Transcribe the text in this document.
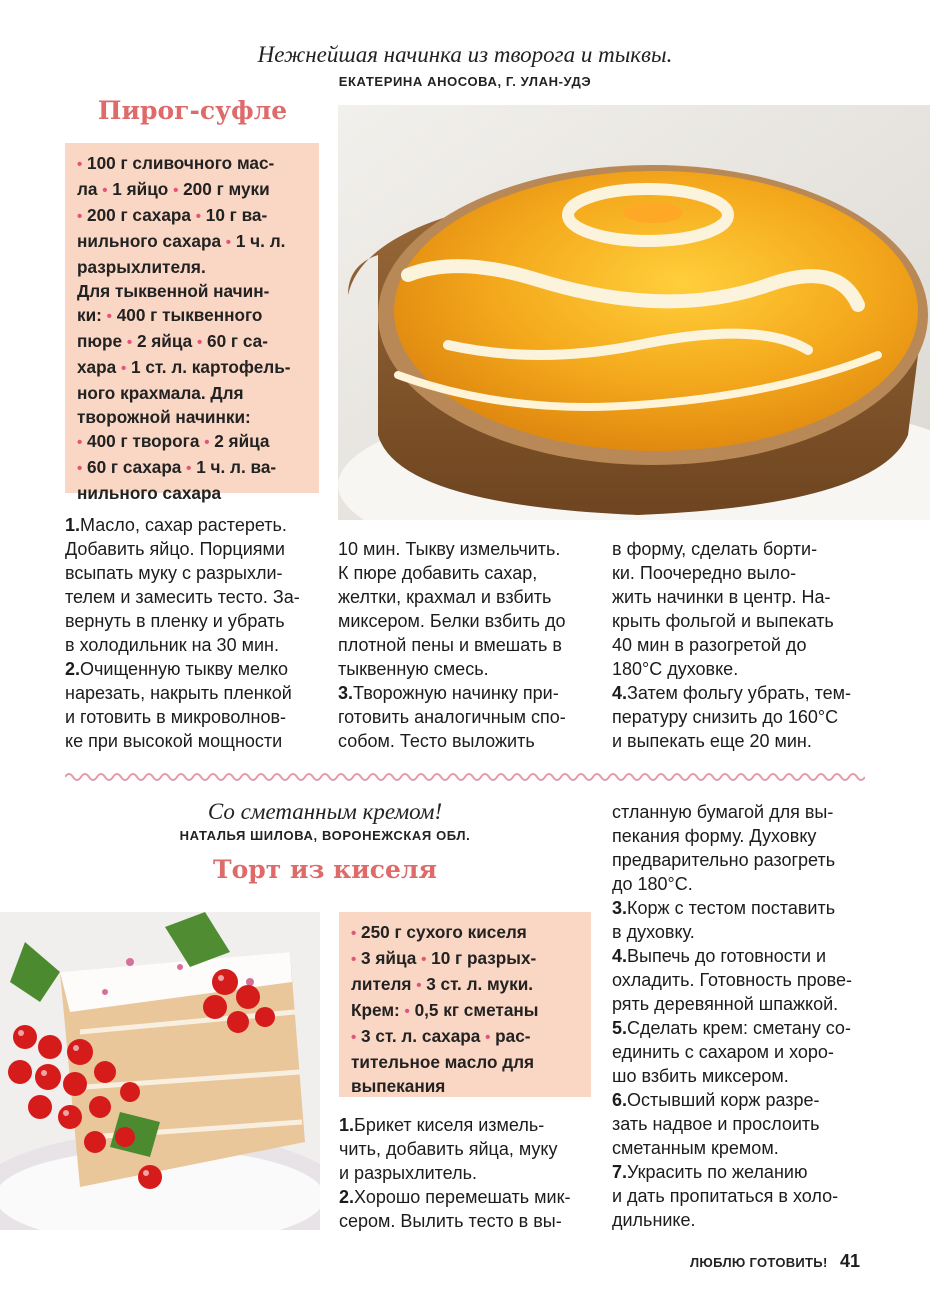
Нежнейшая начинка из творога и тыквы.
ЕКАТЕРИНА АНОСОВА, Г. УЛАН-УДЭ
Пирог-суфле
• 100 г сливочного мас-
ла • 1 яйцо • 200 г муки
• 200 г сахара • 10 г ва-
нильного сахара • 1 ч. л.
разрыхлителя.
Для тыквенной начин-
ки: • 400 г тыквенного
пюре • 2 яйца • 60 г са-
хара • 1 ст. л. картофель-
ного крахмала. Для
творожной начинки:
• 400 г творога • 2 яйца
• 60 г сахара • 1 ч. л. ва-
нильного сахара
1.Масло, сахар растереть.
Добавить яйцо. Порциями
всыпать муку с разрыхли-
телем и замесить тесто. За-
вернуть в пленку и убрать
в холодильник на 30 мин.
2.Очищенную тыкву мелко
нарезать, накрыть пленкой
и готовить в микроволнов-
ке при высокой мощности
10 мин. Тыкву измельчить.
К пюре добавить сахар,
желтки, крахмал и взбить
миксером. Белки взбить до
плотной пены и вмешать в
тыквенную смесь.
3.Творожную начинку при-
готовить аналогичным спо-
собом. Тесто выложить
в форму, сделать борти-
ки. Поочередно выло-
жить начинки в центр. На-
крыть фольгой и выпекать
40 мин в разогретой до
180°С духовке.
4.Затем фольгу убрать, тем-
пературу снизить до 160°С
и выпекать еще 20 мин.
Со сметанным кремом!
НАТАЛЬЯ ШИЛОВА, ВОРОНЕЖСКАЯ ОБЛ.
Торт из киселя
• 250 г сухого киселя
• 3 яйца • 10 г разрых-
лителя • 3 ст. л. муки.
Крем: • 0,5 кг сметаны
• 3 ст. л. сахара • рас-
тительное масло для
выпекания
1.Брикет киселя измель-
чить, добавить яйца, муку
и разрыхлитель.
2.Хорошо перемешать мик-
сером. Вылить тесто в вы-
стланную бумагой для вы-
пекания форму. Духовку
предварительно разогреть
до 180°С.
3.Корж с тестом поставить
в духовку.
4.Выпечь до готовности и
охладить. Готовность прове-
рять деревянной шпажкой.
5.Сделать крем: сметану со-
единить с сахаром и хоро-
шо взбить миксером.
6.Остывший корж разре-
зать надвое и прослоить
сметанным кремом.
7.Украсить по желанию
и дать пропитаться в холо-
дильнике.
ЛЮБЛЮ ГОТОВИТЬ! 41
